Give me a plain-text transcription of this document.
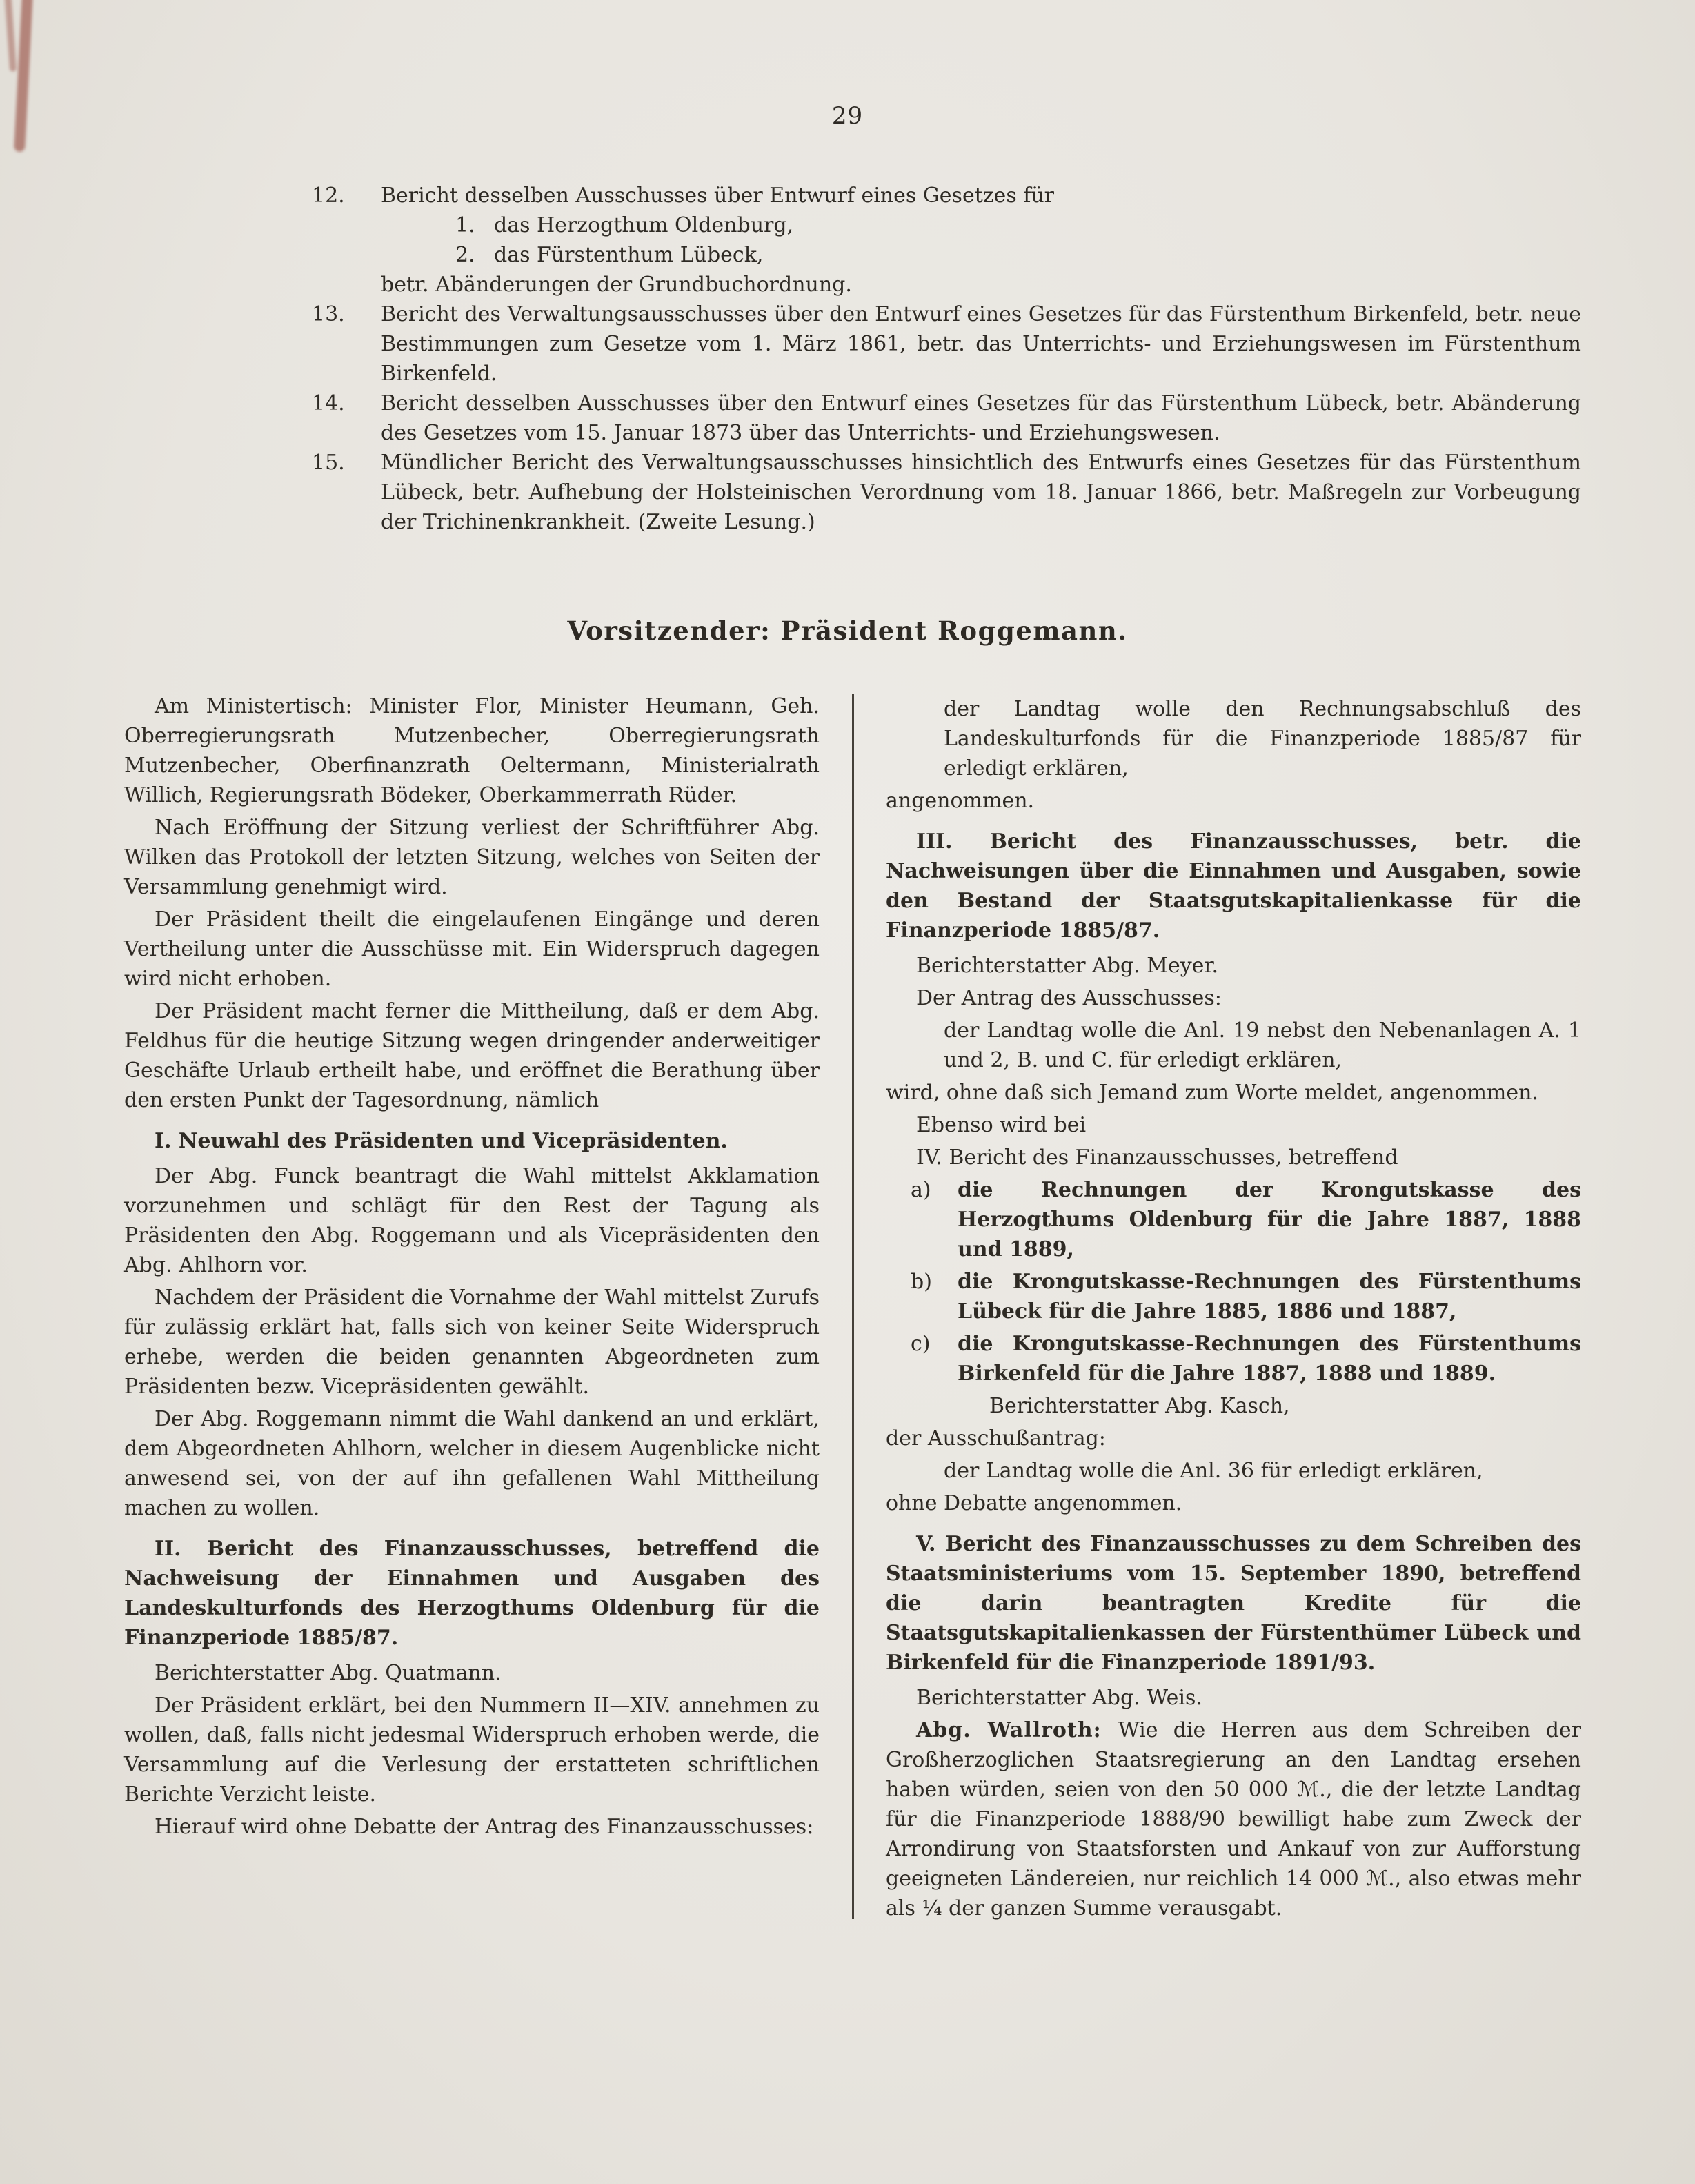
29
12.	Bericht desselben Ausschusses über Entwurf eines Gesetzes für
1. das Herzogthum Oldenburg,
2. das Fürstenthum Lübeck,
betr. Abänderungen der Grundbuchordnung.
13.	Bericht des Verwaltungsausschusses über den Entwurf eines Gesetzes für das Fürstenthum Birkenfeld, betr. neue Bestimmungen zum Gesetze vom 1. März 1861, betr. das Unterrichts- und Erziehungswesen im Fürstenthum Birkenfeld.
14.	Bericht desselben Ausschusses über den Entwurf eines Gesetzes für das Fürstenthum Lübeck, betr. Abänderung des Gesetzes vom 15. Januar 1873 über das Unterrichts- und Erziehungswesen.
15.	Mündlicher Bericht des Verwaltungsausschusses hinsichtlich des Entwurfs eines Gesetzes für das Fürstenthum Lübeck, betr. Aufhebung der Holsteinischen Verordnung vom 18. Januar 1866, betr. Maßregeln zur Vorbeugung der Trichinenkrankheit. (Zweite Lesung.)
Vorsitzender: Präsident Roggemann.

Am Ministertisch: Minister Flor, Minister Heumann, Geh. Oberregierungsrath Mutzenbecher, Oberregierungsrath Mutzenbecher, Oberfinanzrath Oeltermann, Ministerialrath Willich, Regierungsrath Bödeker, Oberkammerrath Rüder.

Nach Eröffnung der Sitzung verliest der Schriftführer Abg. Wilken das Protokoll der letzten Sitzung, welches von Seiten der Versammlung genehmigt wird.

Der Präsident theilt die eingelaufenen Eingänge und deren Vertheilung unter die Ausschüsse mit. Ein Widerspruch dagegen wird nicht erhoben.

Der Präsident macht ferner die Mittheilung, daß er dem Abg. Feldhus für die heutige Sitzung wegen dringender anderweitiger Geschäfte Urlaub ertheilt habe, und eröffnet die Berathung über den ersten Punkt der Tagesordnung, nämlich

I. Neuwahl des Präsidenten und Vicepräsidenten.

Der Abg. Funck beantragt die Wahl mittelst Akklamation vorzunehmen und schlägt für den Rest der Tagung als Präsidenten den Abg. Roggemann und als Vicepräsidenten den Abg. Ahlhorn vor.

Nachdem der Präsident die Vornahme der Wahl mittelst Zurufs für zulässig erklärt hat, falls sich von keiner Seite Widerspruch erhebe, werden die beiden genannten Abgeordneten zum Präsidenten bezw. Vicepräsidenten gewählt.

Der Abg. Roggemann nimmt die Wahl dankend an und erklärt, dem Abgeordneten Ahlhorn, welcher in diesem Augenblicke nicht anwesend sei, von der auf ihn gefallenen Wahl Mittheilung machen zu wollen.

II. Bericht des Finanzausschusses, betreffend die Nachweisung der Einnahmen und Ausgaben des Landeskulturfonds des Herzogthums Oldenburg für die Finanzperiode 1885/87.

Berichterstatter Abg. Quatmann.

Der Präsident erklärt, bei den Nummern II—XIV. annehmen zu wollen, daß, falls nicht jedesmal Widerspruch erhoben werde, die Versammlung auf die Verlesung der erstatteten schriftlichen Berichte Verzicht leiste.

Hierauf wird ohne Debatte der Antrag des Finanzausschusses:

der Landtag wolle den Rechnungsabschluß des Landeskulturfonds für die Finanzperiode 1885/87 für erledigt erklären,

angenommen.

III. Bericht des Finanzausschusses, betr. die Nachweisungen über die Einnahmen und Ausgaben, sowie den Bestand der Staatsgutskapitalienkasse für die Finanzperiode 1885/87.

Berichterstatter Abg. Meyer.

Der Antrag des Ausschusses:

der Landtag wolle die Anl. 19 nebst den Nebenanlagen A. 1 und 2, B. und C. für erledigt erklären,

wird, ohne daß sich Jemand zum Worte meldet, angenommen.

Ebenso wird bei

IV. Bericht des Finanzausschusses, betreffend

a) die Rechnungen der Krongutskasse des Herzogthums Oldenburg für die Jahre 1887, 1888 und 1889,

b) die Krongutskasse-Rechnungen des Fürstenthums Lübeck für die Jahre 1885, 1886 und 1887,

c) die Krongutskasse-Rechnungen des Fürstenthums Birkenfeld für die Jahre 1887, 1888 und 1889.

Berichterstatter Abg. Kasch,

der Ausschußantrag:

der Landtag wolle die Anl. 36 für erledigt erklären,

ohne Debatte angenommen.

V. Bericht des Finanzausschusses zu dem Schreiben des Staatsministeriums vom 15. September 1890, betreffend die darin beantragten Kredite für die Staatsgutskapitalienkassen der Fürstenthümer Lübeck und Birkenfeld für die Finanzperiode 1891/93.

Berichterstatter Abg. Weis.

Abg. Wallroth: Wie die Herren aus dem Schreiben der Großherzoglichen Staatsregierung an den Landtag ersehen haben würden, seien von den 50 000 ℳ., die der letzte Landtag für die Finanzperiode 1888/90 bewilligt habe zum Zweck der Arrondirung von Staatsforsten und Ankauf von zur Aufforstung geeigneten Ländereien, nur reichlich 14 000 ℳ., also etwas mehr als ¼ der ganzen Summe verausgabt.
